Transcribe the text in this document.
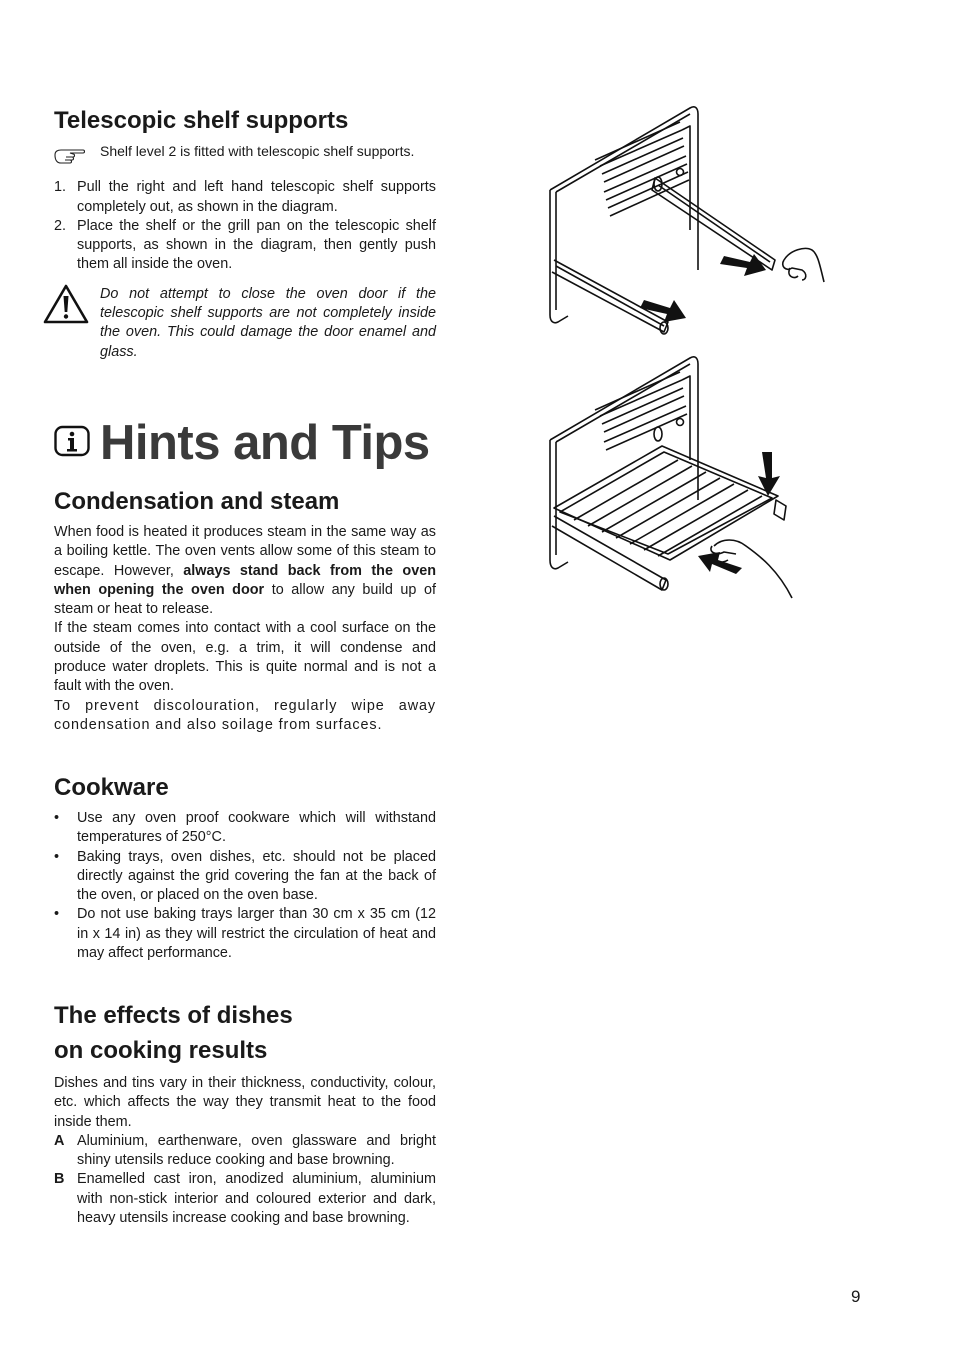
Telescopic shelf supports

Shelf level 2 is fitted with telescopic shelf supports.

1. Pull the right and left hand telescopic shelf supports completely out, as shown in the diagram.

2. Place the shelf or the grill pan on the telescopic shelf supports, as shown in the diagram, then gently push them all inside the oven.

Do not attempt to close the oven door if the telescopic shelf supports are not completely inside the oven. This could damage the door enamel and glass.

Hints and Tips
Condensation and steam

When food is heated it produces steam in the same way as a boiling kettle. The oven vents allow some of this steam to escape. However, always stand back from the oven when opening the oven door to allow any build up of steam or heat to release.

If the steam comes into contact with a cool surface on the outside of the oven, e.g. a trim, it will condense and produce water droplets. This is quite normal and is not a fault with the oven.

To prevent discolouration, regularly wipe away condensation and also soilage from surfaces.

Cookware
• Use any oven proof cookware which will withstand temperatures of 250°C.

• Baking trays, oven dishes, etc. should not be placed directly against the grid covering the fan at the back of the oven, or placed on the oven base.

• Do not use baking trays larger than 30 cm x 35 cm (12 in x 14 in) as they will restrict the circulation of heat and may affect performance.

The effects of dishes
on cooking results

Dishes and tins vary in their thickness, conductivity, colour, etc. which affects the way they transmit heat to the food inside them.

A Aluminium, earthenware, oven glassware and bright shiny utensils reduce cooking and base browning.

B Enamelled cast iron, anodized aluminium, aluminium with non-stick interior and coloured exterior and dark, heavy utensils increase cooking and base browning.

9
